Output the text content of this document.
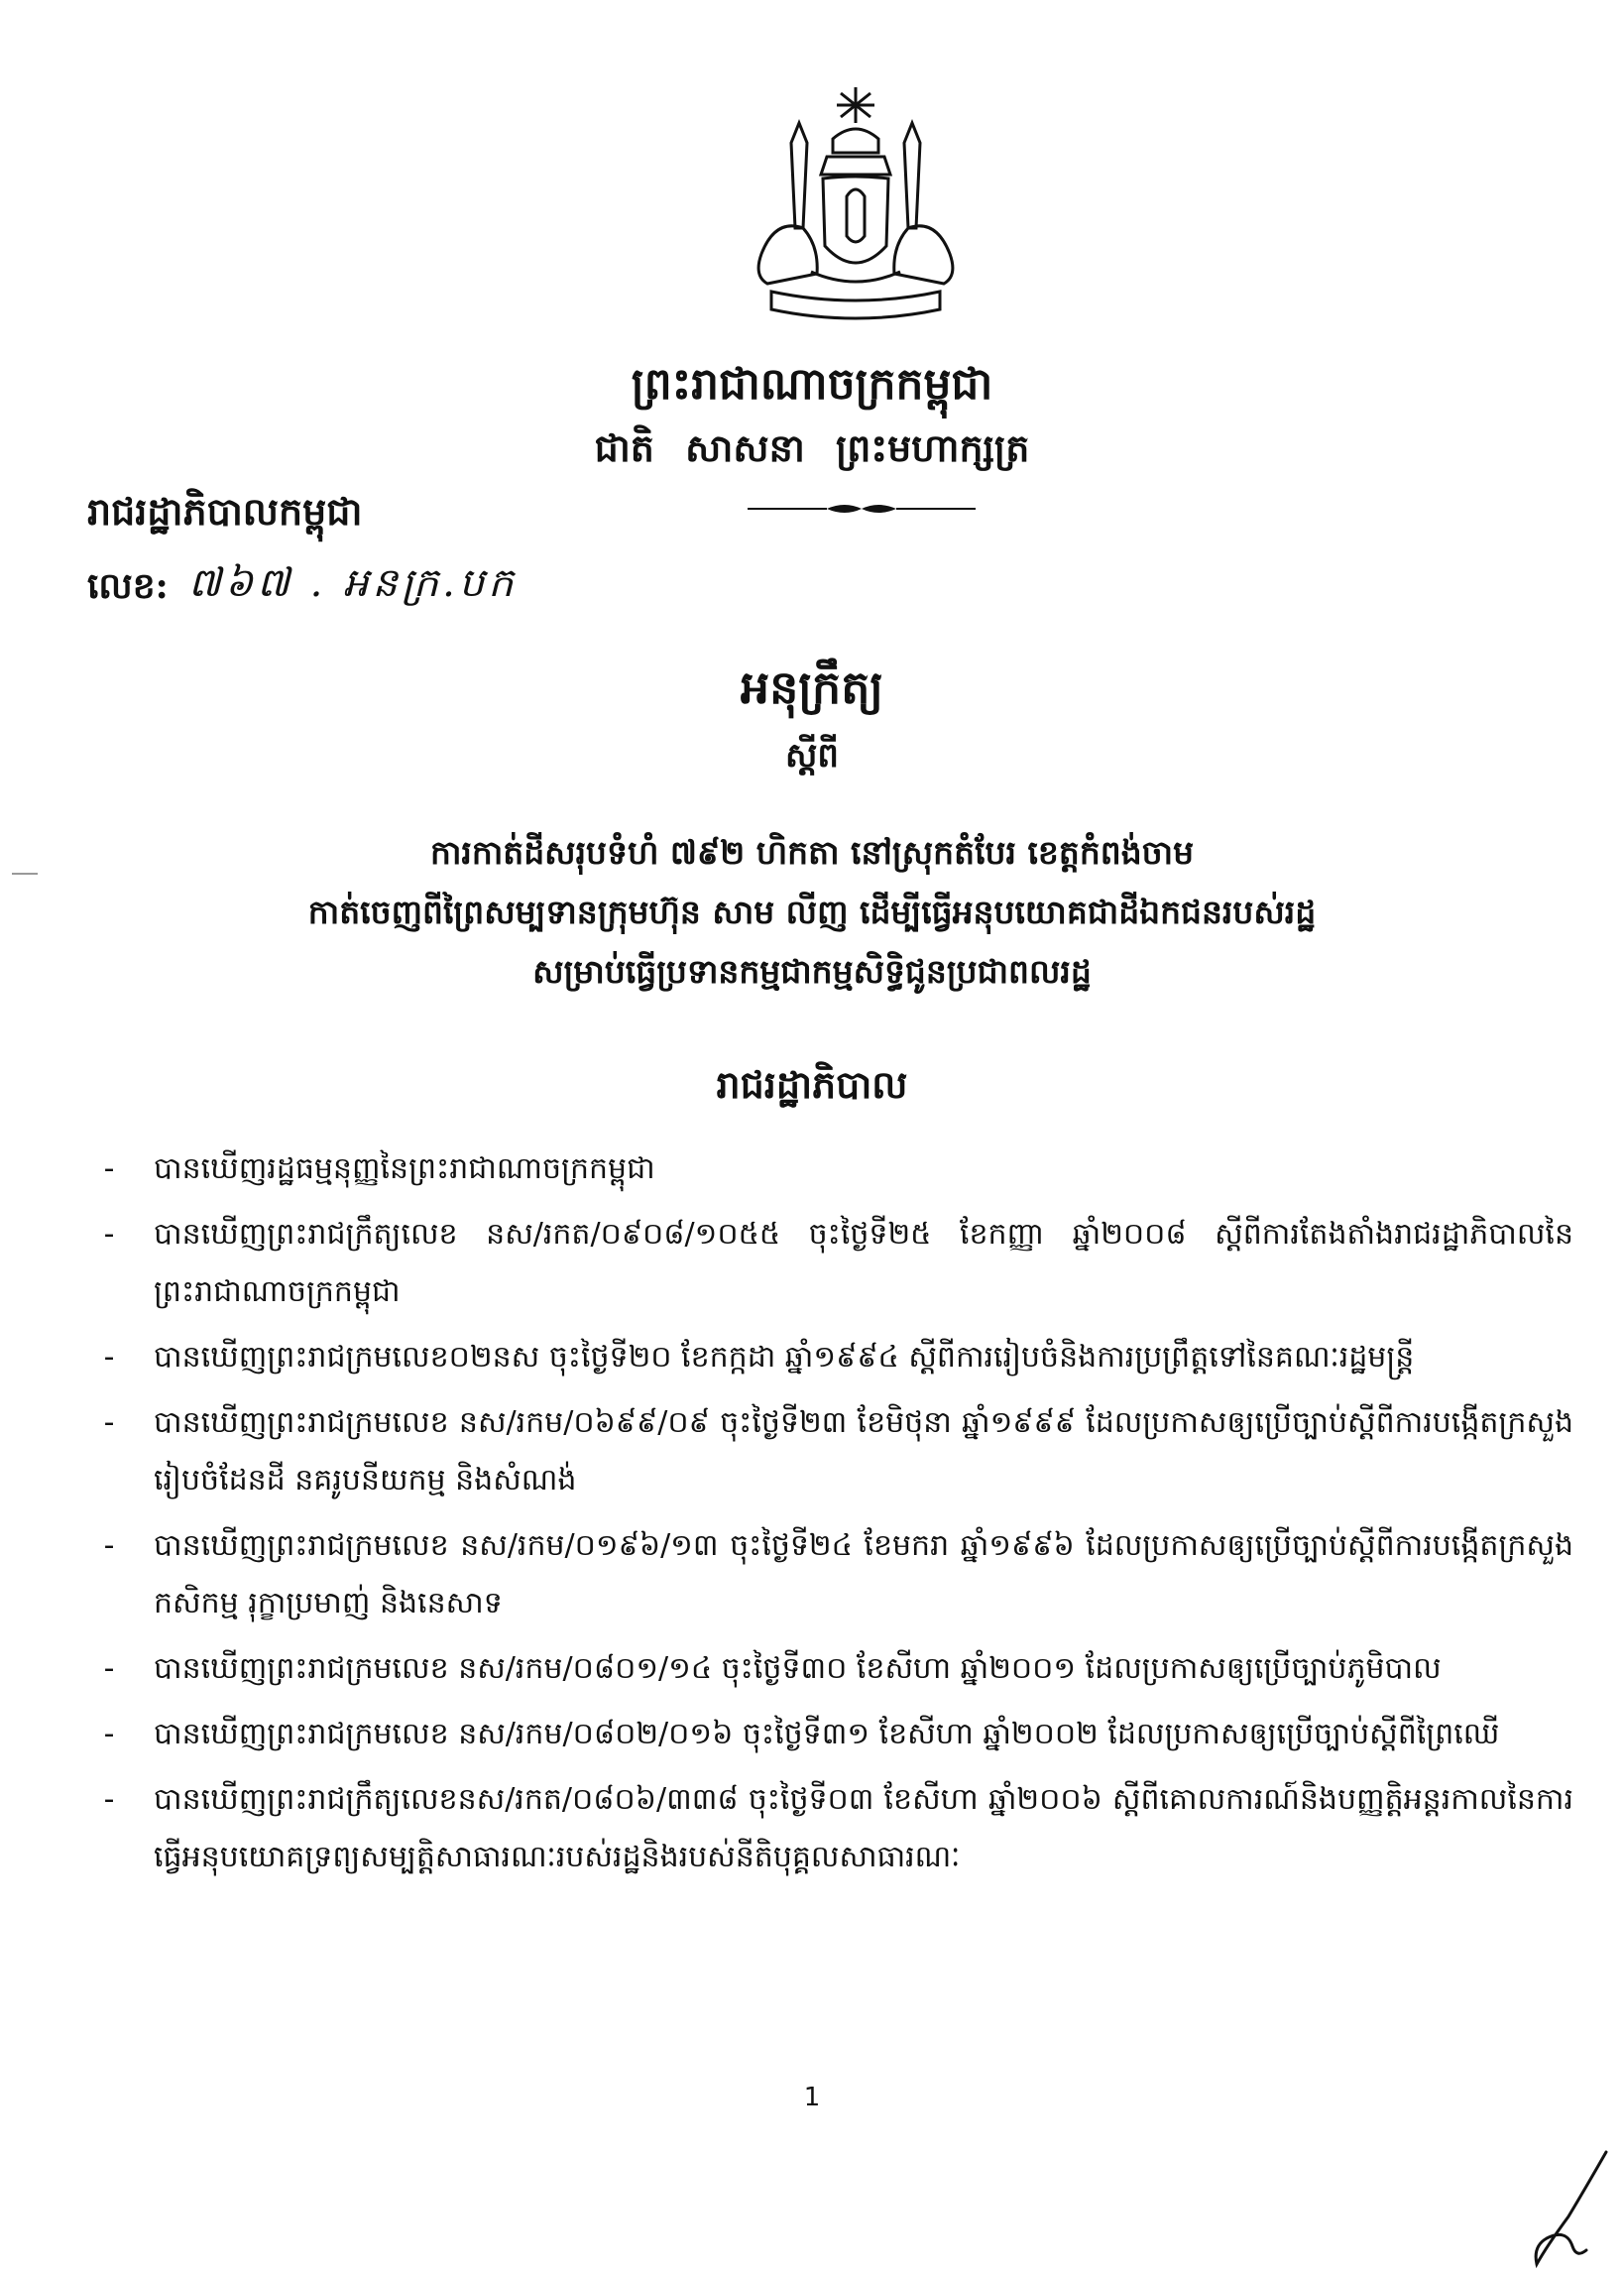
ព្រះរាជាណាចក្រកម្ពុជា
ជាតិ សាសនា ព្រះមហាក្សត្រ
រាជរដ្ឋាភិបាលកម្ពុជា
លេខ: ៧៦៧ . អនក្រ.បក
អនុក្រឹត្យ
ស្តីពី
ការកាត់ដីសរុបទំហំ ៧៩២ ហិកតា នៅស្រុកតំបែរ ខេត្តកំពង់ចាម
កាត់ចេញពីព្រៃសម្បទានក្រុមហ៊ុន សាម លីញ ដើម្បីធ្វើអនុបយោគជាដីឯកជនរបស់រដ្ឋ
សម្រាប់ធ្វើប្រទានកម្មជាកម្មសិទ្ធិជូនប្រជាពលរដ្ឋ
រាជរដ្ឋាភិបាល
-	បានឃើញរដ្ឋធម្មនុញ្ញនៃព្រះរាជាណាចក្រកម្ពុជា
-	បានឃើញព្រះរាជក្រឹត្យលេខ នស/រកត/០៩០៨/១០៥៥ ចុះថ្ងៃទី២៥ ខែកញ្ញា ឆ្នាំ២០០៨ ស្តីពីការតែងតាំងរាជរដ្ឋាភិបាលនៃព្រះរាជាណាចក្រកម្ពុជា
-	បានឃើញព្រះរាជក្រមលេខ០២នស ចុះថ្ងៃទី២០ ខែកក្កដា ឆ្នាំ១៩៩៤ ស្តីពីការរៀបចំនិងការប្រព្រឹត្តទៅនៃគណៈរដ្ឋមន្ត្រី
-	បានឃើញព្រះរាជក្រមលេខ នស/រកម/០៦៩៩/០៩ ចុះថ្ងៃទី២៣ ខែមិថុនា ឆ្នាំ១៩៩៩ ដែលប្រកាសឲ្យប្រើច្បាប់ស្តីពីការបង្កើតក្រសួងរៀបចំដែនដី នគរូបនីយកម្ម និងសំណង់
-	បានឃើញព្រះរាជក្រមលេខ នស/រកម/០១៩៦/១៣ ចុះថ្ងៃទី២៤ ខែមករា ឆ្នាំ១៩៩៦ ដែលប្រកាសឲ្យប្រើច្បាប់ស្តីពីការបង្កើតក្រសួងកសិកម្ម រុក្ខាប្រមាញ់ និងនេសាទ
-	បានឃើញព្រះរាជក្រមលេខ នស/រកម/០៨០១/១៤ ចុះថ្ងៃទី៣០ ខែសីហា ឆ្នាំ២០០១ ដែលប្រកាសឲ្យប្រើច្បាប់ភូមិបាល
-	បានឃើញព្រះរាជក្រមលេខ នស/រកម/០៨០២/០១៦ ចុះថ្ងៃទី៣១ ខែសីហា ឆ្នាំ២០០២ ដែលប្រកាសឲ្យប្រើច្បាប់ស្តីពីព្រៃឈើ
-	បានឃើញព្រះរាជក្រឹត្យលេខនស/រកត/០៨០៦/៣៣៨ ចុះថ្ងៃទី០៣ ខែសីហា ឆ្នាំ២០០៦ ស្តីពីគោលការណ៍និងបញ្ញត្តិអន្តរកាលនៃការធ្វើអនុបយោគទ្រព្យសម្បត្តិសាធារណៈរបស់រដ្ឋនិងរបស់នីតិបុគ្គលសាធារណៈ
1
